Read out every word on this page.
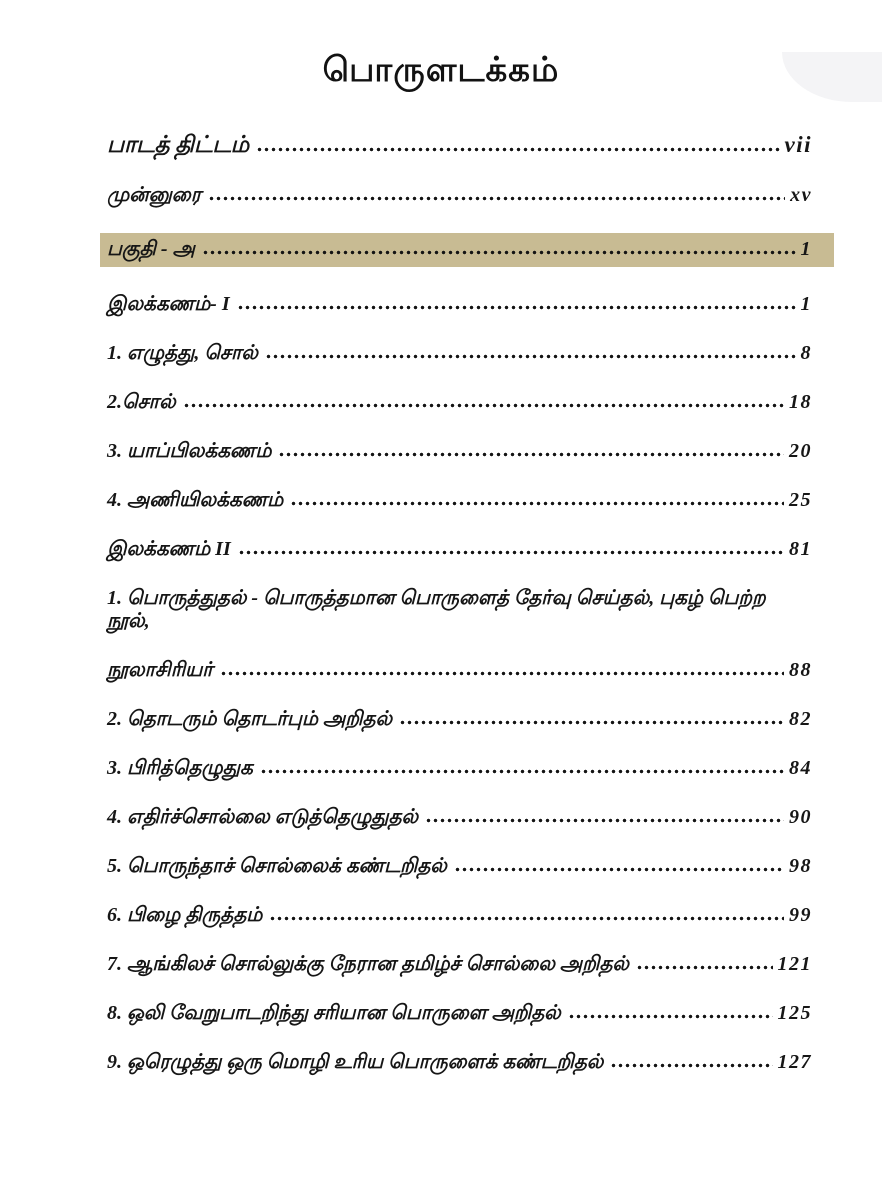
பொருளடக்கம்
பாடத் திட்டம்	vii
முன்னுரை	xv
பகுதி - அ	1
இலக்கணம்- I	1
1. எழுத்து, சொல்	8
2.சொல்	18
3. யாப்பிலக்கணம்	20
4. அணியிலக்கணம்	25
இலக்கணம் II	81
1. பொருத்துதல் - பொருத்தமான பொருளைத் தேர்வு செய்தல், புகழ் பெற்ற நூல்,
நூலாசிரியர்	88
2. தொடரும் தொடர்பும் அறிதல்	82
3. பிரித்தெழுதுக	84
4. எதிர்ச்சொல்லை எடுத்தெழுதுதல்	90
5. பொருந்தாச் சொல்லைக் கண்டறிதல்	98
6. பிழை திருத்தம்	99
7. ஆங்கிலச் சொல்லுக்கு நேரான தமிழ்ச் சொல்லை அறிதல்	121
8. ஒலி வேறுபாடறிந்து சரியான பொருளை அறிதல்	125
9. ஒரெழுத்து ஒரு மொழி உரிய பொருளைக் கண்டறிதல்	127
